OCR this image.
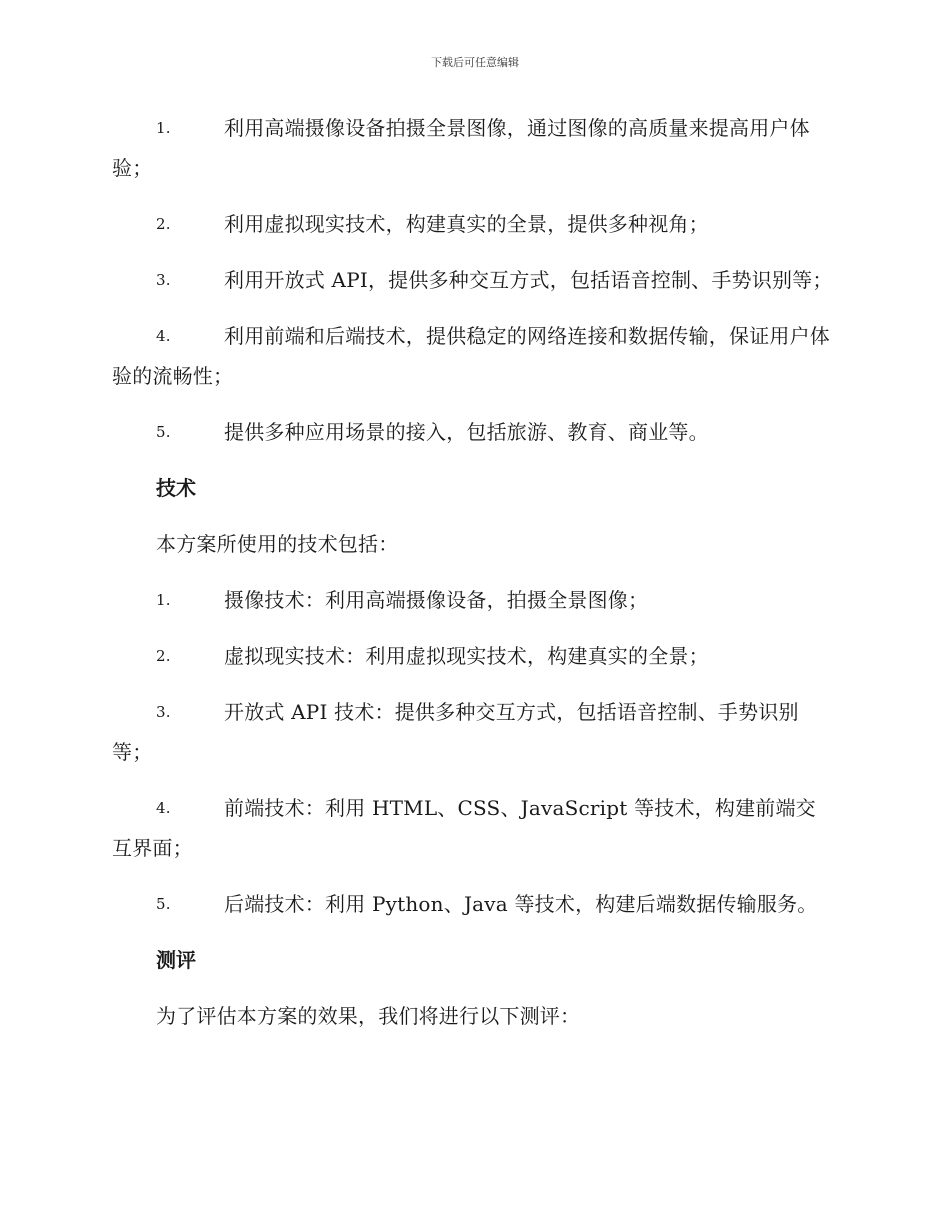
下载后可任意编辑
1.	利用高端摄像设备拍摄全景图像，通过图像的高质量来提高用户体验；
2.	利用虚拟现实技术，构建真实的全景，提供多种视角；
3.	利用开放式 API，提供多种交互方式，包括语音控制、手势识别等；
4.	利用前端和后端技术，提供稳定的网络连接和数据传输，保证用户体验的流畅性；
5.	提供多种应用场景的接入，包括旅游、教育、商业等。
技术
本方案所使用的技术包括：
1.	摄像技术：利用高端摄像设备，拍摄全景图像；
2.	虚拟现实技术：利用虚拟现实技术，构建真实的全景；
3.	开放式 API 技术：提供多种交互方式，包括语音控制、手势识别等；
4.	前端技术：利用 HTML、CSS、JavaScript 等技术，构建前端交互界面；
5.	后端技术：利用 Python、Java 等技术，构建后端数据传输服务。
测评
为了评估本方案的效果，我们将进行以下测评：
